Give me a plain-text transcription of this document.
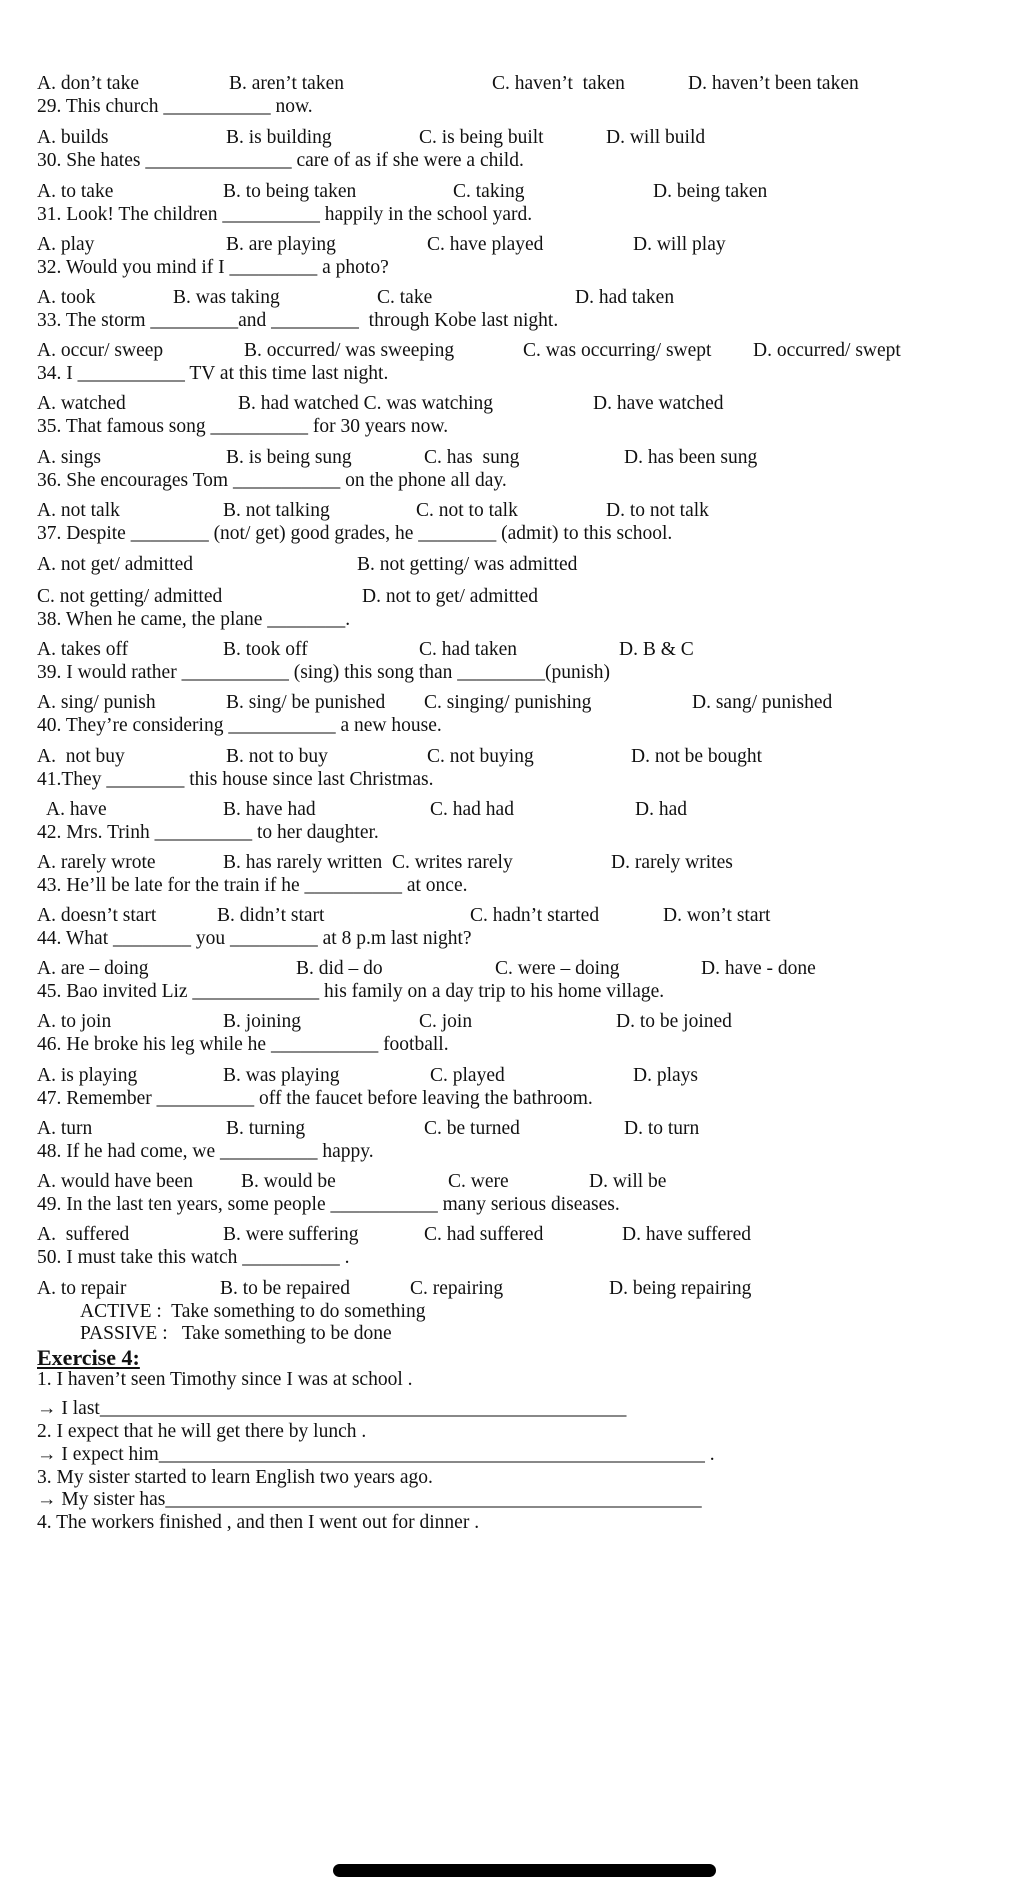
A. don’t take	B. aren’t taken	C. haven’t  taken	D. haven’t been taken
29. This church ___________ now.
A. builds	B. is building	C. is being built	D. will build
30. She hates _______________ care of as if she were a child.
A. to take	B. to being taken	C. taking	D. being taken
31. Look! The children __________ happily in the school yard.
A. play	B. are playing	C. have played	D. will play
32. Would you mind if I _________ a photo?
A. took	B. was taking	C. take	D. had taken
33. The storm _________and _________  through Kobe last night.
A. occur/ sweep	B. occurred/ was sweeping	C. was occurring/ swept D. occurred/ swept
34. I ___________ TV at this time last night.
A. watched	B. had watched C. was watching	D. have watched
35. That famous song __________ for 30 years now.
A. sings	B. is being sung	C. has  sung	D. has been sung
36. She encourages Tom ___________ on the phone all day.
A. not talk	B. not talking	C. not to talk	D. to not talk
37. Despite ________ (not/ get) good grades, he ________ (admit) to this school.
A. not get/ admitted	B. not getting/ was admitted
C. not getting/ admitted	D. not to get/ admitted
38. When he came, the plane ________.
A. takes off	B. took off	C. had taken	D. B & C
39. I would rather ___________ (sing) this song than _________(punish)
A. sing/ punish	B. sing/ be punished C. singing/ punishing	D. sang/ punished
40. They’re considering ___________ a new house.
A.  not buy	B. not to buy	C. not buying	D. not be bought
41.They ________ this house since last Christmas.
A. have	B. have had	C. had had	D. had
42. Mrs. Trinh __________ to her daughter.
A. rarely wrote	B. has rarely written  C. writes rarely	D. rarely writes
43. He’ll be late for the train if he __________ at once.
A. doesn’t start	B. didn’t start	C. hadn’t started	D. won’t start
44. What ________ you _________ at 8 p.m last night?
A. are – doing	B. did – do	C. were – doing	D. have - done
45. Bao invited Liz _____________ his family on a day trip to his home village.
A. to join	B. joining	C. join	D. to be joined
46. He broke his leg while he ___________ football.
A. is playing	B. was playing	C. played	D. plays
47. Remember __________ off the faucet before leaving the bathroom.
A. turn	B. turning	C. be turned	D. to turn
48. If he had come, we __________ happy.
A. would have been B. would be	C. were	D. will be
49. In the last ten years, some people ___________ many serious diseases.
A.  suffered	B. were suffering	C. had suffered	D. have suffered
50. I must take this watch __________ .
A. to repair	B. to be repaired	C. repairing	D. being repairing
ACTIVE :  Take something to do something
PASSIVE :   Take something to be done
Exercise 4:
1. I haven’t seen Timothy since I was at school .
→ I last______________________________________________________
2. I expect that he will get there by lunch .
→ I expect him________________________________________________________ .
3. My sister started to learn English two years ago.
→ My sister has_______________________________________________________
4. The workers finished , and then I went out for dinner .
